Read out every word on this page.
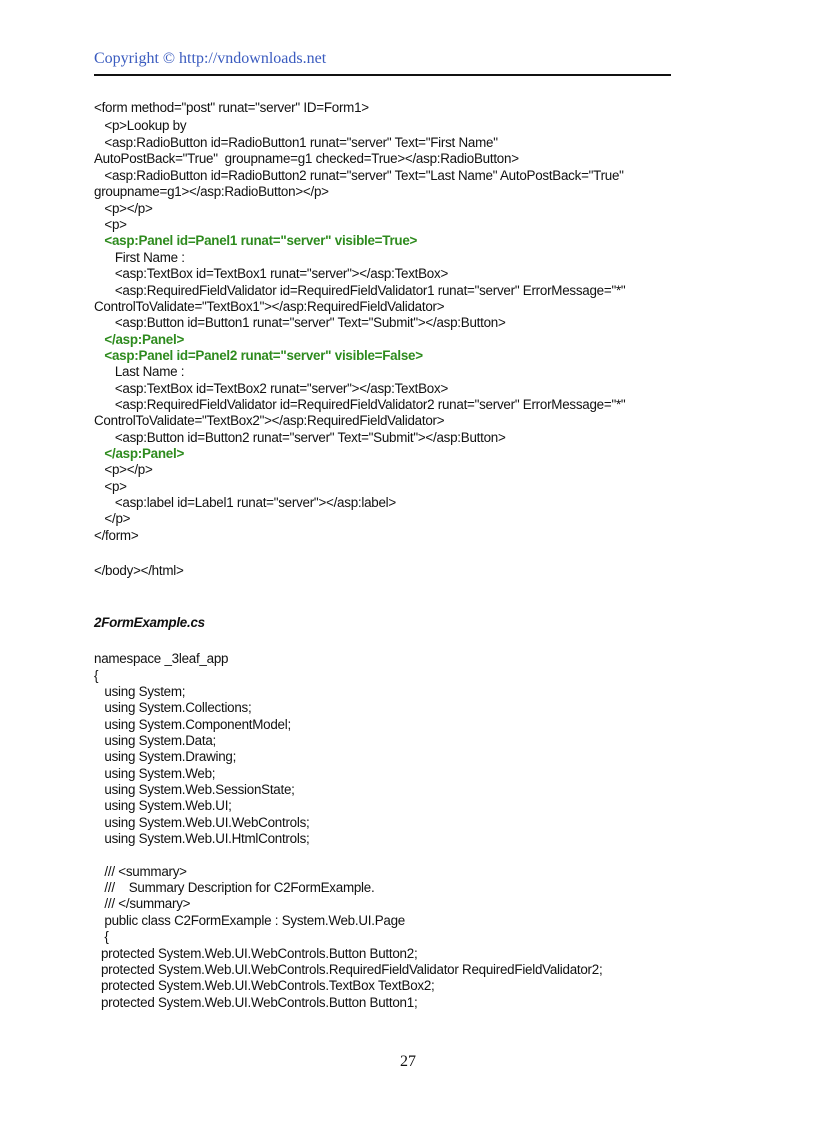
Copyright © http://vndownloads.net
<form method="post" runat="server" ID=Form1>
<p>Lookup by
<asp:RadioButton id=RadioButton1 runat="server" Text="First Name"
AutoPostBack="True"  groupname=g1 checked=True></asp:RadioButton>
<asp:RadioButton id=RadioButton2 runat="server" Text="Last Name" AutoPostBack="True"
groupname=g1></asp:RadioButton></p>
<p></p>
<p>
<asp:Panel id=Panel1 runat="server" visible=True>
First Name :
<asp:TextBox id=TextBox1 runat="server"></asp:TextBox>
<asp:RequiredFieldValidator id=RequiredFieldValidator1 runat="server" ErrorMessage="*"
ControlToValidate="TextBox1"></asp:RequiredFieldValidator>
<asp:Button id=Button1 runat="server" Text="Submit"></asp:Button>
</asp:Panel>
<asp:Panel id=Panel2 runat="server" visible=False>
Last Name :
<asp:TextBox id=TextBox2 runat="server"></asp:TextBox>
<asp:RequiredFieldValidator id=RequiredFieldValidator2 runat="server" ErrorMessage="*"
ControlToValidate="TextBox2"></asp:RequiredFieldValidator>
<asp:Button id=Button2 runat="server" Text="Submit"></asp:Button>
</asp:Panel>
<p></p>
<p>
<asp:label id=Label1 runat="server"></asp:label>
</p>
</form>
</body></html>
2FormExample.cs
namespace _3leaf_app
{
using System;
using System.Collections;
using System.ComponentModel;
using System.Data;
using System.Drawing;
using System.Web;
using System.Web.SessionState;
using System.Web.UI;
using System.Web.UI.WebControls;
using System.Web.UI.HtmlControls;
/// <summary>
///    Summary Description for C2FormExample.
/// </summary>
public class C2FormExample : System.Web.UI.Page
{
protected System.Web.UI.WebControls.Button Button2;
protected System.Web.UI.WebControls.RequiredFieldValidator RequiredFieldValidator2;
protected System.Web.UI.WebControls.TextBox TextBox2;
protected System.Web.UI.WebControls.Button Button1;
27
